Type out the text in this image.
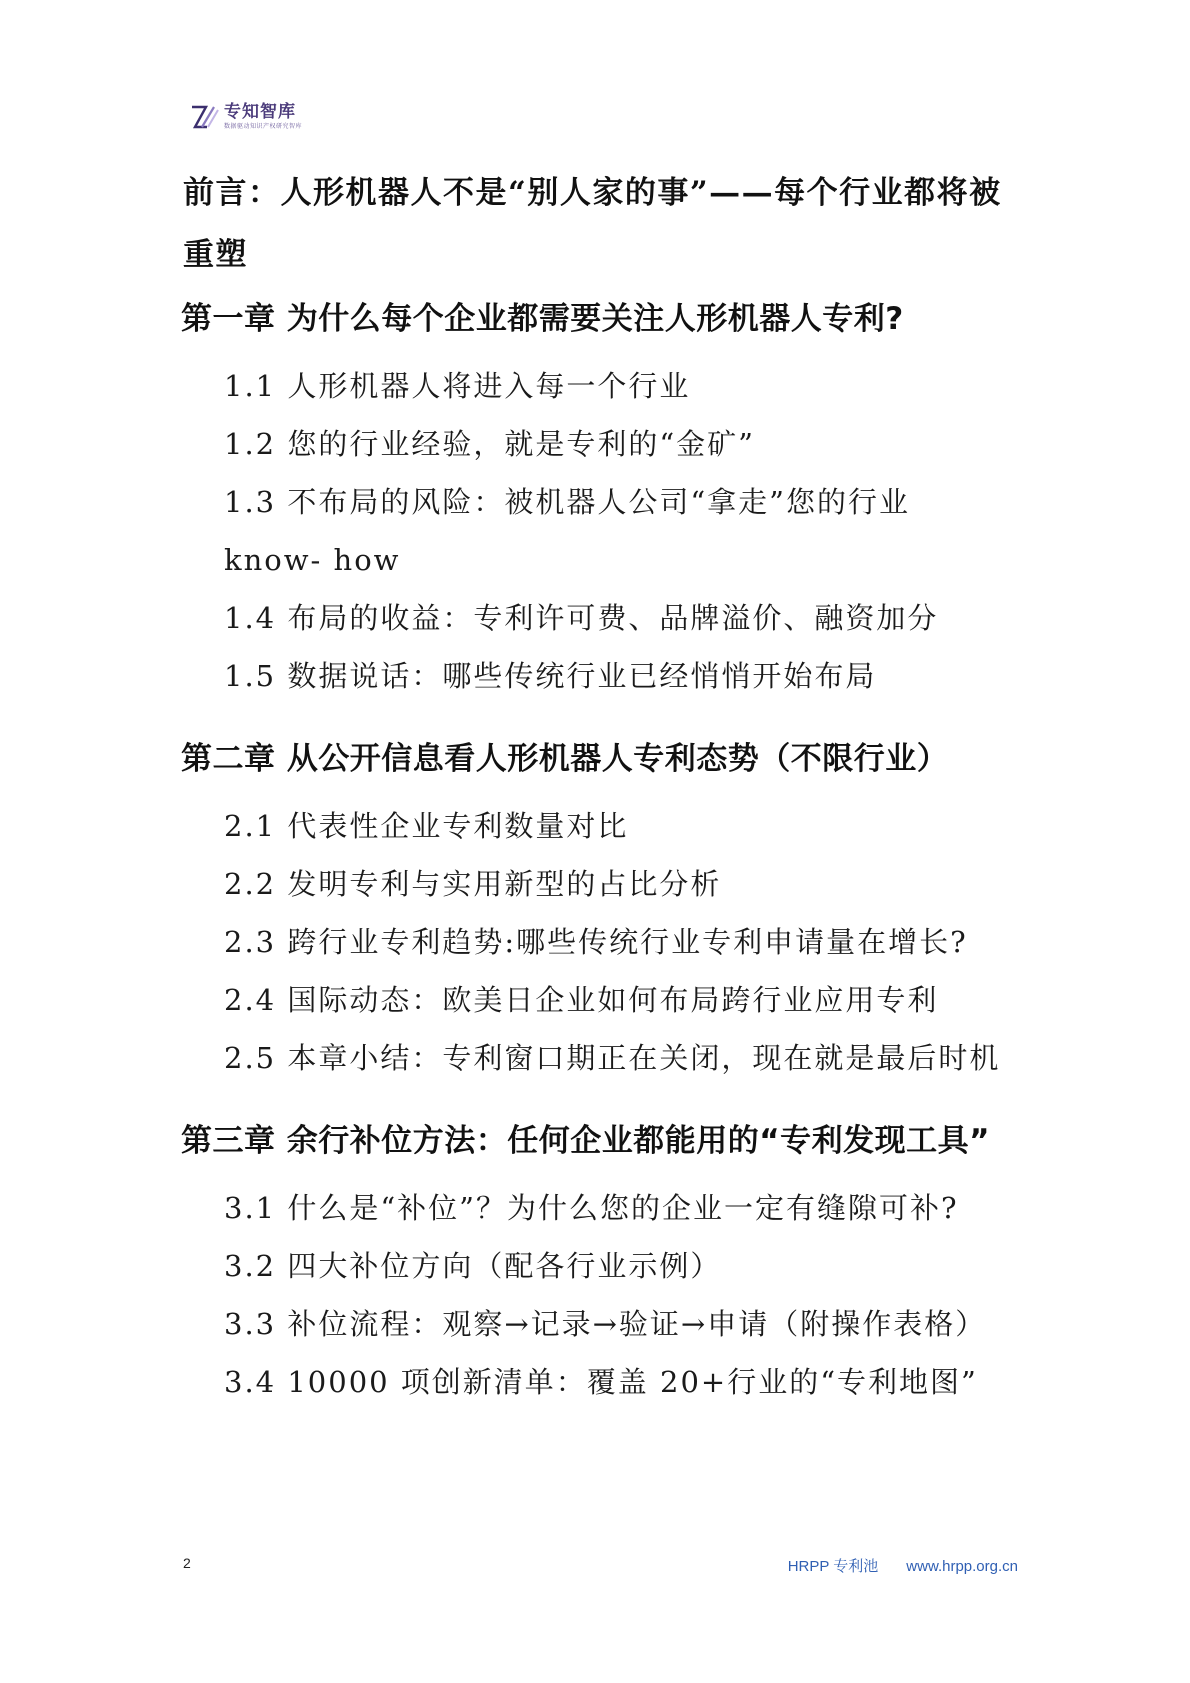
专知智库
数据驱动知识产权研究智库
前言：人形机器人不是“别人家的事”——每个行业都将被重塑
第一章 为什么每个企业都需要关注人形机器人专利?

1.1 人形机器人将进入每一个行业

1.2 您的行业经验，就是专利的“金矿”

1.3 不布局的风险：被机器人公司“拿走”您的行业

know- how

1.4 布局的收益：专利许可费、品牌溢价、融资加分

1.5 数据说话：哪些传统行业已经悄悄开始布局

第二章 从公开信息看人形机器人专利态势（不限行业）

2.1 代表性企业专利数量对比

2.2 发明专利与实用新型的占比分析

2.3 跨行业专利趋势:哪些传统行业专利申请量在增长?

2.4 国际动态：欧美日企业如何布局跨行业应用专利

2.5 本章小结：专利窗口期正在关闭，现在就是最后时机

第三章 余行补位方法：任何企业都能用的“专利发现工具”

3.1 什么是“补位”？为什么您的企业一定有缝隙可补?

3.2 四大补位方向（配各行业示例）

3.3 补位流程：观察→记录→验证→申请（附操作表格）

3.4 10000 项创新清单：覆盖 20+行业的“专利地图”

2	HRPP 专利池 www.hrpp.org.cn
